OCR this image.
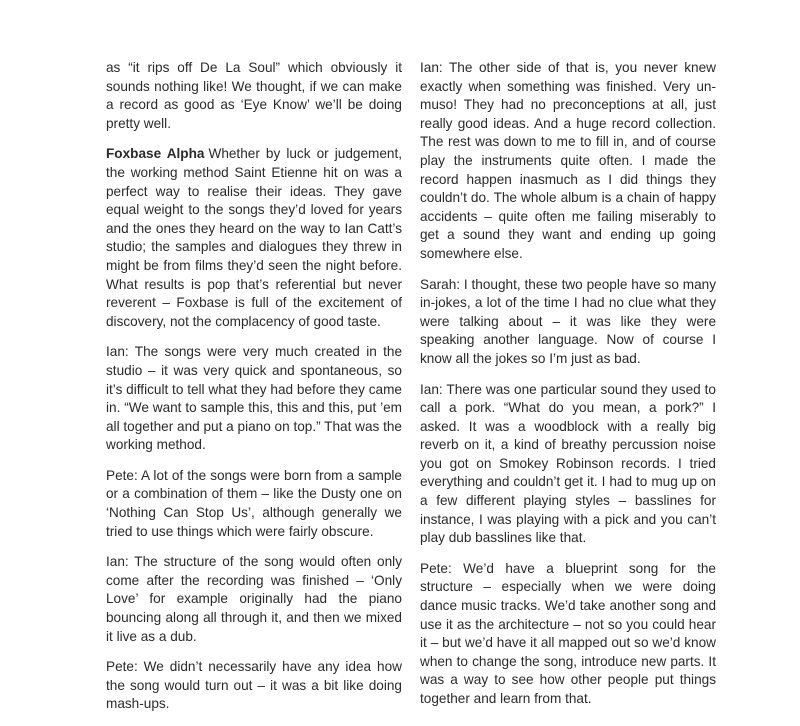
as “it rips off De La Soul” which obviously it sounds nothing like! We thought, if we can make a record as good as ‘Eye Know’ we’ll be doing pretty well.

Foxbase Alpha Whether by luck or judgement, the working method Saint Etienne hit on was a perfect way to realise their ideas. They gave equal weight to the songs they’d loved for years and the ones they heard on the way to Ian Catt’s studio; the samples and dialogues they threw in might be from films they’d seen the night before. What results is pop that’s referential but never reverent – Foxbase is full of the excitement of discovery, not the complacency of good taste.

Ian: The songs were very much created in the studio – it was very quick and spontaneous, so it’s difficult to tell what they had before they came in. “We want to sample this, this and this, put ’em all together and put a piano on top.” That was the working method.

Pete: A lot of the songs were born from a sample or a combination of them – like the Dusty one on ‘Nothing Can Stop Us’, although generally we tried to use things which were fairly obscure.

Ian: The structure of the song would often only come after the recording was finished – ‘Only Love’ for example originally had the piano bouncing along all through it, and then we mixed it live as a dub.

Pete: We didn’t necessarily have any idea how the song would turn out – it was a bit like doing mash-ups.

Ian: The other side of that is, you never knew exactly when something was finished. Very un-muso! They had no preconceptions at all, just really good ideas. And a huge record collection. The rest was down to me to fill in, and of course play the instruments quite often. I made the record happen inasmuch as I did things they couldn’t do. The whole album is a chain of happy accidents – quite often me failing miserably to get a sound they want and ending up going somewhere else.

Sarah: I thought, these two people have so many in-jokes, a lot of the time I had no clue what they were talking about – it was like they were speaking another language. Now of course I know all the jokes so I’m just as bad.

Ian: There was one particular sound they used to call a pork. “What do you mean, a pork?” I asked. It was a woodblock with a really big reverb on it, a kind of breathy percussion noise you got on Smokey Robinson records. I tried everything and couldn’t get it. I had to mug up on a few different playing styles – basslines for instance, I was playing with a pick and you can’t play dub basslines like that.

Pete: We’d have a blueprint song for the structure – especially when we were doing dance music tracks. We’d take another song and use it as the architecture – not so you could hear it – but we’d have it all mapped out so we’d know when to change the song, introduce new parts. It was a way to see how other people put things together and learn from that.
